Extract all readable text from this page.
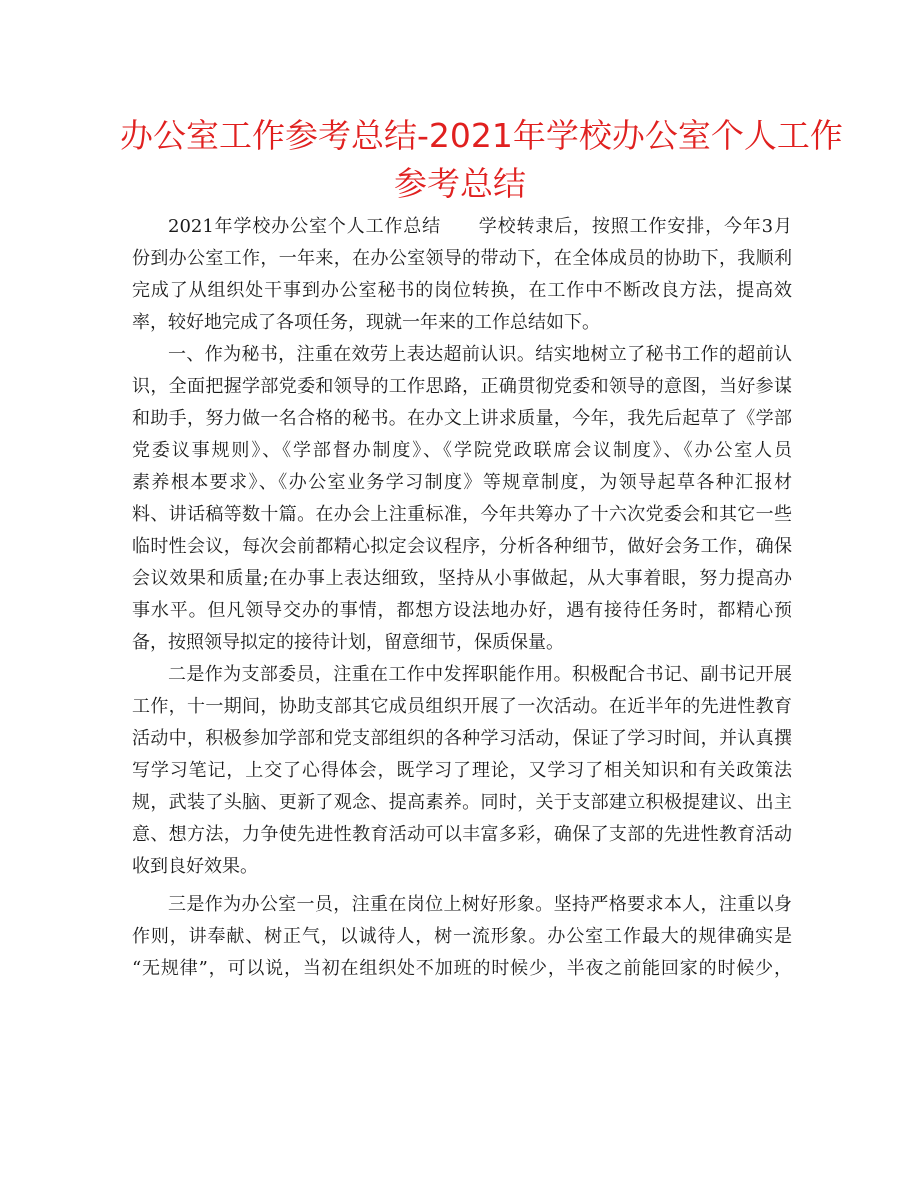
办公室工作参考总结-2021年学校办公室个人工作
参考总结
2021年学校办公室个人工作总结　　学校转隶后，按照工作安排，今年3月
份到办公室工作，一年来，在办公室领导的带动下，在全体成员的协助下，我顺利
完成了从组织处干事到办公室秘书的岗位转换，在工作中不断改良方法，提高效
率，较好地完成了各项任务，现就一年来的工作总结如下。
一、作为秘书，注重在效劳上表达超前认识。结实地树立了秘书工作的超前认
识，全面把握学部党委和领导的工作思路，正确贯彻党委和领导的意图，当好参谋
和助手，努力做一名合格的秘书。在办文上讲求质量，今年，我先后起草了《学部
党委议事规则》、《学部督办制度》、《学院党政联席会议制度》、《办公室人员
素养根本要求》、《办公室业务学习制度》等规章制度，为领导起草各种汇报材
料、讲话稿等数十篇。在办会上注重标准，今年共筹办了十六次党委会和其它一些
临时性会议，每次会前都精心拟定会议程序，分析各种细节，做好会务工作，确保
会议效果和质量;在办事上表达细致，坚持从小事做起，从大事着眼，努力提高办
事水平。但凡领导交办的事情，都想方设法地办好，遇有接待任务时，都精心预
备，按照领导拟定的接待计划，留意细节，保质保量。
二是作为支部委员，注重在工作中发挥职能作用。积极配合书记、副书记开展
工作，十一期间，协助支部其它成员组织开展了一次活动。在近半年的先进性教育
活动中，积极参加学部和党支部组织的各种学习活动，保证了学习时间，并认真撰
写学习笔记，上交了心得体会，既学习了理论，又学习了相关知识和有关政策法
规，武装了头脑、更新了观念、提高素养。同时，关于支部建立积极提建议、出主
意、想方法，力争使先进性教育活动可以丰富多彩，确保了支部的先进性教育活动
收到良好效果。
三是作为办公室一员，注重在岗位上树好形象。坚持严格要求本人，注重以身
作则，讲奉献、树正气，以诚待人，树一流形象。办公室工作最大的规律确实是
“无规律”，可以说，当初在组织处不加班的时候少，半夜之前能回家的时候少，
